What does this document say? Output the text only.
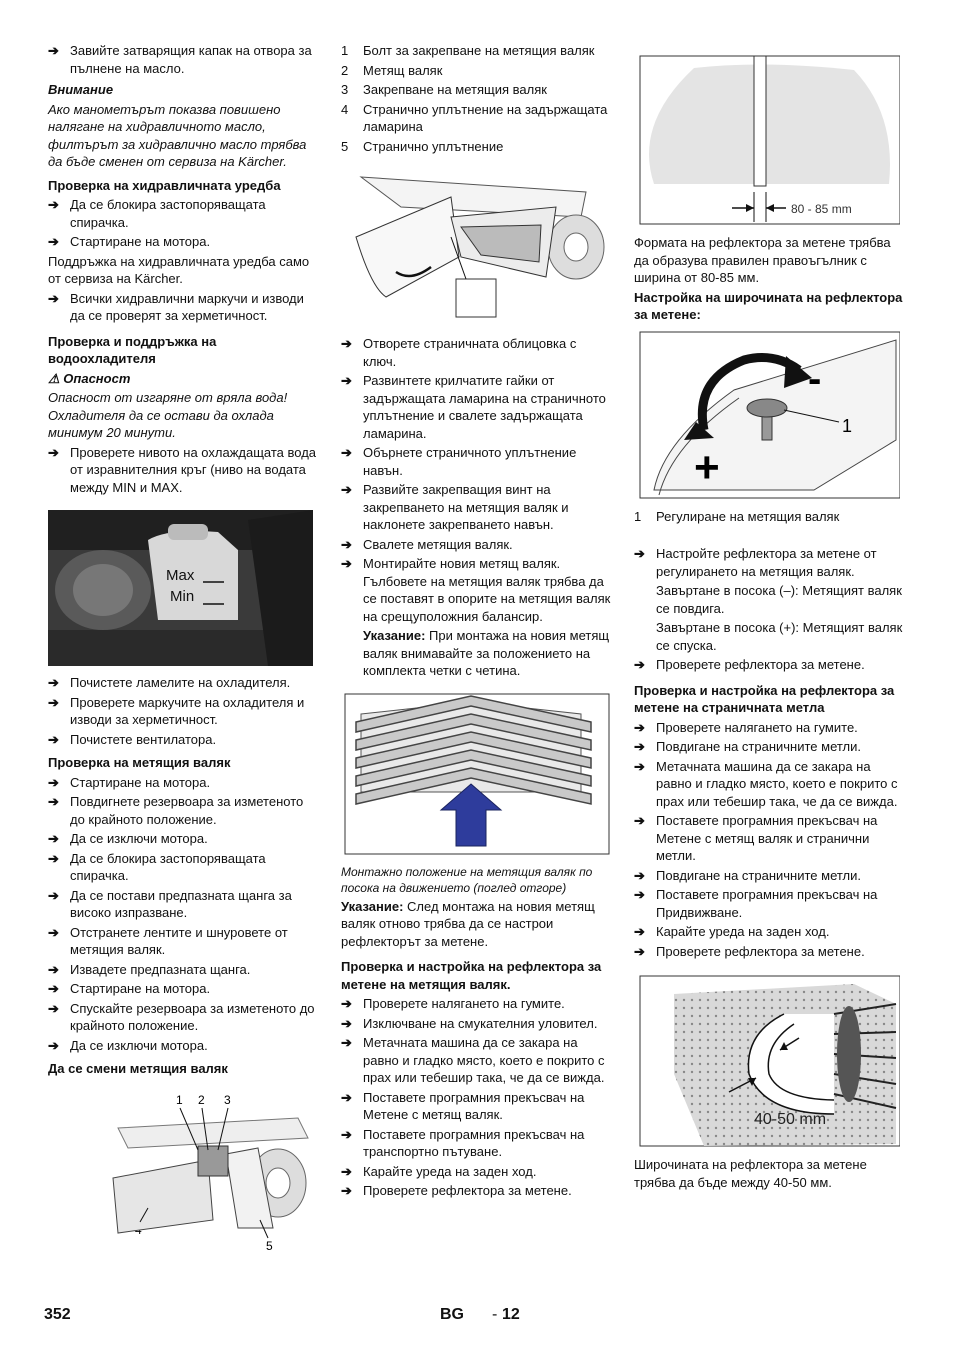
➔ Завийте затварящия капак на отвора за пълнене на масло.

Внимание

Ако манометърът показва повишено налягане на хидравличното масло, филтърът за хидравлично масло трябва да бъде сменен от сервиза на Kärcher.

Проверка на хидравличната уредба

➔ Да се блокира застопоряващата спирачка.
➔ Стартиране на мотора.

Поддръжка на хидравличната уредба само от сервиза на Kärcher.

➔ Всички хидравлични маркучи и изводи да се проверят за херметичност.

Проверка и поддръжка на водоохладителя

⚠ Опасност

Опасност от изгаряне от вряла вода! Охладителя да се остави да охлада минимум 20 минути.

➔ Проверете нивото на охлаждащата вода от изравнителния кръг (ниво на водата между MIN и MAX.
Max
Min
➔ Почистете ламелите на охладителя.
➔ Проверете маркучите на охладителя и изводи за херметичност.
➔ Почистете вентилатора.

Проверка на метящия валяк

➔ Стартиране на мотора.
➔ Повдигнете резервоара за изметеното до крайното положение.
➔ Да се изключи мотора.
➔ Да се блокира застопоряващата спирачка.
➔ Да се постави предпазната щанга за високо изпразване.
➔ Отстранете лентите и шнуровете от метящия валяк.
➔ Извадете предпазната щанга.
➔ Стартиране на мотора.
➔ Спускайте резервоара за изметеното до крайното положение.
➔ Да се изключи мотора.

Да се смени метящия валяк

1 2 3
5
1	Болт за закрепване на метящия валяк
2	Метящ валяк
3	Закрепване на метящия валяк
4	Странично уплътнение на задържащата ламарина
5	Странично уплътнение
➔ Отворете страничната облицовка с ключ.
➔ Развинтете крилчатите гайки от задържащата ламарина на страничното уплътнение и свалете задържащата ламарина.
➔ Обърнете страничното уплътнение навън.
➔ Развийте закрепващия винт на закрепването на метящия валяк и наклонете закрепването навън.
➔ Свалете метящия валяк.
➔ Монтирайте новия метящ валяк. Гълбовете на метящия валяк трябва да се поставят в опорите на метящия валяк на срещуположния балансир.
Указание: При монтажа на новия метящ валяк внимавайте за положението на комплекта четки с четина.

Монтажно положение на метящия валяк по посока на движението (поглед отгоре)

Указание: След монтажа на новия метящ валяк отново трябва да се настрои рефлекторът за метене.

Проверка и настройка на рефлектора за метене на метящия валяк.

➔ Проверете налягането на гумите.
➔ Изключване на смукателния уловител.
➔ Метачната машина да се закара на равно и гладко място, което е покрито с прах или тебешир така, че да се вижда.
➔ Поставете програмния прекъсвач на Метене с метящ валяк.
➔ Поставете програмния прекъсвач на транспортно пътуване.
➔ Карайте уреда на заден ход.
➔ Проверете рефлектора за метене.
80 - 85 mm

Формата на рефлектора за метене трябва да образува правилен правоъгълник с ширина от 80-85 мм.

Настройка на широчината на рефлектора за метене:

-
+
1
1	Регулиране на метящия валяк
➔ Настройте рефлектора за метене от регулирането на метящия валяк.
Завъртане в посока (–): Метящият валяк се повдига.
Завъртане в посока (+): Метящият валяк се спуска.
➔ Проверете рефлектора за метене.

Проверка и настройка на рефлектора за метене на страничната метла

➔ Проверете налягането на гумите.
➔ Повдигане на страничните метли.
➔ Метачната машина да се закара на равно и гладко място, което е покрито с прах или тебешир така, че да се вижда.
➔ Поставете програмния прекъсвач на Метене с метящ валяк и странични метли.
➔ Повдигане на страничните метли.
➔ Поставете програмния прекъсвач на Придвижване.
➔ Карайте уреда на заден ход.
➔ Проверете рефлектора за метене.
40-50 mm

Широчината на рефлектора за метене трябва да бъде между 40-50 мм.

352	BG - 12
